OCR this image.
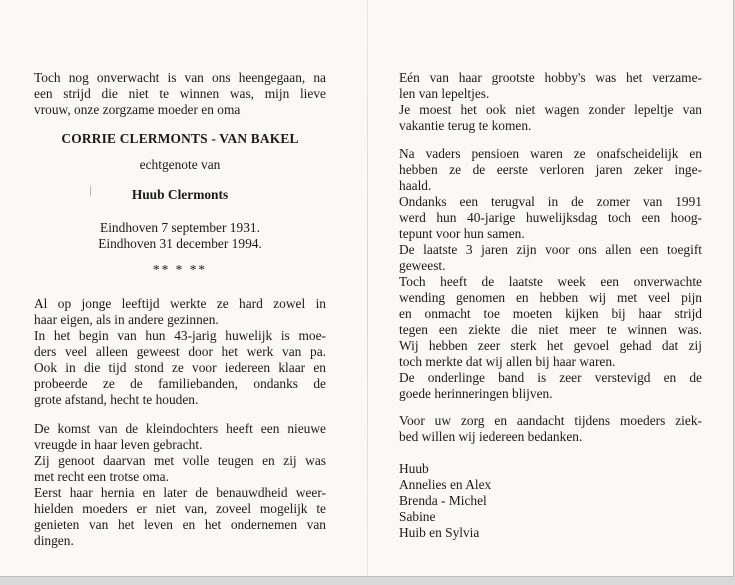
Toch nog onverwacht is van ons heengegaan, na
een strijd die niet te winnen was, mijn lieve
vrouw, onze zorgzame moeder en oma
CORRIE CLERMONTS - VAN BAKEL
echtgenote van
Huub Clermonts
Eindhoven 7 september 1931.
Eindhoven 31 december 1994.
** * **
Al op jonge leeftijd werkte ze hard zowel in
haar eigen, als in andere gezinnen.
In het begin van hun 43-jarig huwelijk is moe-
ders veel alleen geweest door het werk van pa.
Ook in die tijd stond ze voor iedereen klaar en
probeerde ze de familiebanden, ondanks de
grote afstand, hecht te houden.
De komst van de kleindochters heeft een nieuwe
vreugde in haar leven gebracht.
Zij genoot daarvan met volle teugen en zij was
met recht een trotse oma.
Eerst haar hernia en later de benauwdheid weer-
hielden moeders er niet van, zoveel mogelijk te
genieten van het leven en het ondernemen van
dingen.
Eén van haar grootste hobby's was het verzame-
len van lepeltjes.
Je moest het ook niet wagen zonder lepeltje van
vakantie terug te komen.
Na vaders pensioen waren ze onafscheidelijk en
hebben ze de eerste verloren jaren zeker inge-
haald.
Ondanks een terugval in de zomer van 1991
werd hun 40-jarige huwelijksdag toch een hoog-
tepunt voor hun samen.
De laatste 3 jaren zijn voor ons allen een toegift
geweest.
Toch heeft de laatste week een onverwachte
wending genomen en hebben wij met veel pijn
en onmacht toe moeten kijken bij haar strijd
tegen een ziekte die niet meer te winnen was.
Wij hebben zeer sterk het gevoel gehad dat zij
toch merkte dat wij allen bij haar waren.
De onderlinge band is zeer verstevigd en de
goede herinneringen blijven.
Voor uw zorg en aandacht tijdens moeders ziek-
bed willen wij iedereen bedanken.
Huub
Annelies en Alex
Brenda - Michel
Sabine
Huib en Sylvia
